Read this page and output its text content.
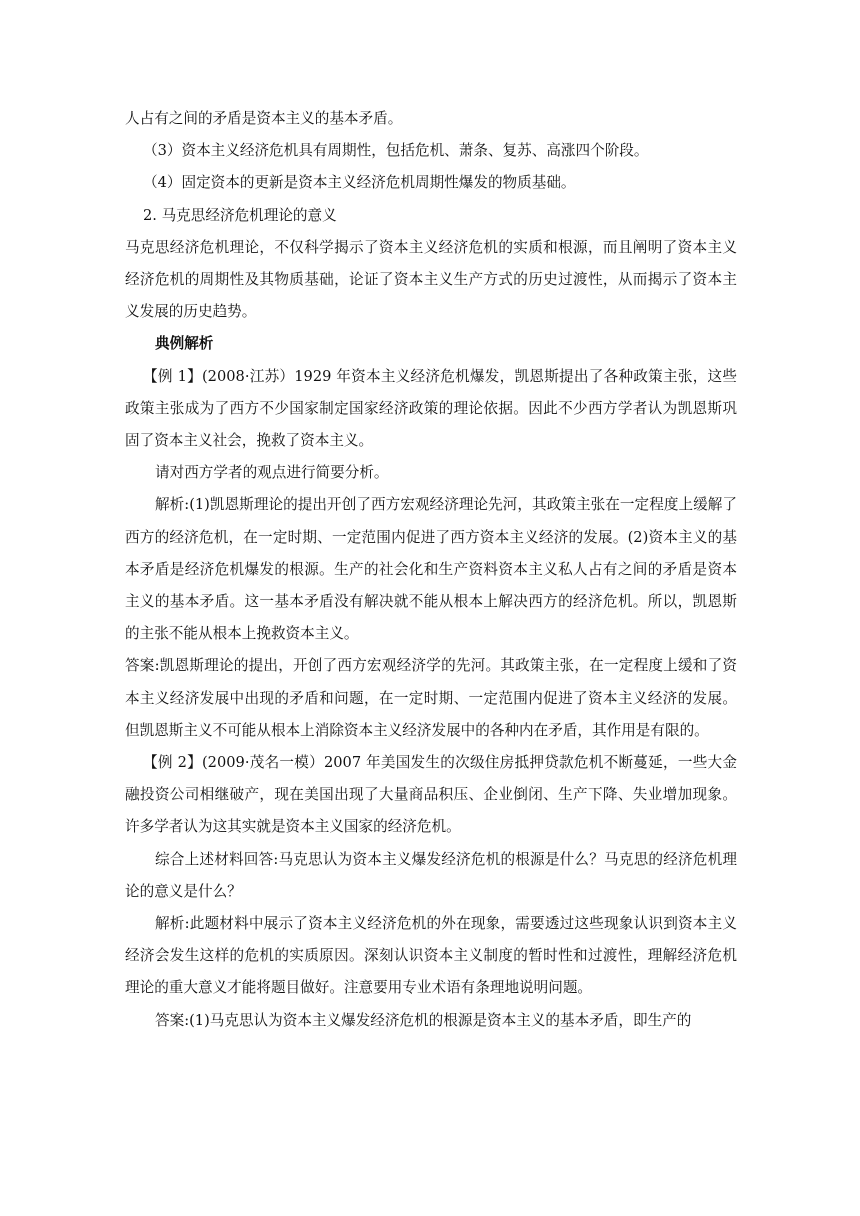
人占有之间的矛盾是资本主义的基本矛盾。

（3）资本主义经济危机具有周期性，包括危机、萧条、复苏、高涨四个阶段。

（4）固定资本的更新是资本主义经济危机周期性爆发的物质基础。

2. 马克思经济危机理论的意义

马克思经济危机理论，不仅科学揭示了资本主义经济危机的实质和根源，而且阐明了资本主义经济危机的周期性及其物质基础，论证了资本主义生产方式的历史过渡性，从而揭示了资本主义发展的历史趋势。

典例解析

【例 1】(2008·江苏）1929 年资本主义经济危机爆发，凯恩斯提出了各种政策主张，这些政策主张成为了西方不少国家制定国家经济政策的理论依据。因此不少西方学者认为凯恩斯巩固了资本主义社会，挽救了资本主义。

请对西方学者的观点进行简要分析。

解析:(1)凯恩斯理论的提出开创了西方宏观经济理论先河，其政策主张在一定程度上缓解了西方的经济危机，在一定时期、一定范围内促进了西方资本主义经济的发展。(2)资本主义的基本矛盾是经济危机爆发的根源。生产的社会化和生产资料资本主义私人占有之间的矛盾是资本主义的基本矛盾。这一基本矛盾没有解决就不能从根本上解决西方的经济危机。所以，凯恩斯的主张不能从根本上挽救资本主义。

答案:凯恩斯理论的提出，开创了西方宏观经济学的先河。其政策主张，在一定程度上缓和了资本主义经济发展中出现的矛盾和问题，在一定时期、一定范围内促进了资本主义经济的发展。但凯恩斯主义不可能从根本上消除资本主义经济发展中的各种内在矛盾，其作用是有限的。

【例 2】(2009·茂名一模）2007 年美国发生的次级住房抵押贷款危机不断蔓延，一些大金融投资公司相继破产，现在美国出现了大量商品积压、企业倒闭、生产下降、失业增加现象。许多学者认为这其实就是资本主义国家的经济危机。

综合上述材料回答:马克思认为资本主义爆发经济危机的根源是什么？马克思的经济危机理论的意义是什么？

解析:此题材料中展示了资本主义经济危机的外在现象，需要透过这些现象认识到资本主义经济会发生这样的危机的实质原因。深刻认识资本主义制度的暂时性和过渡性，理解经济危机理论的重大意义才能将题目做好。注意要用专业术语有条理地说明问题。

答案:(1)马克思认为资本主义爆发经济危机的根源是资本主义的基本矛盾，即生产的
